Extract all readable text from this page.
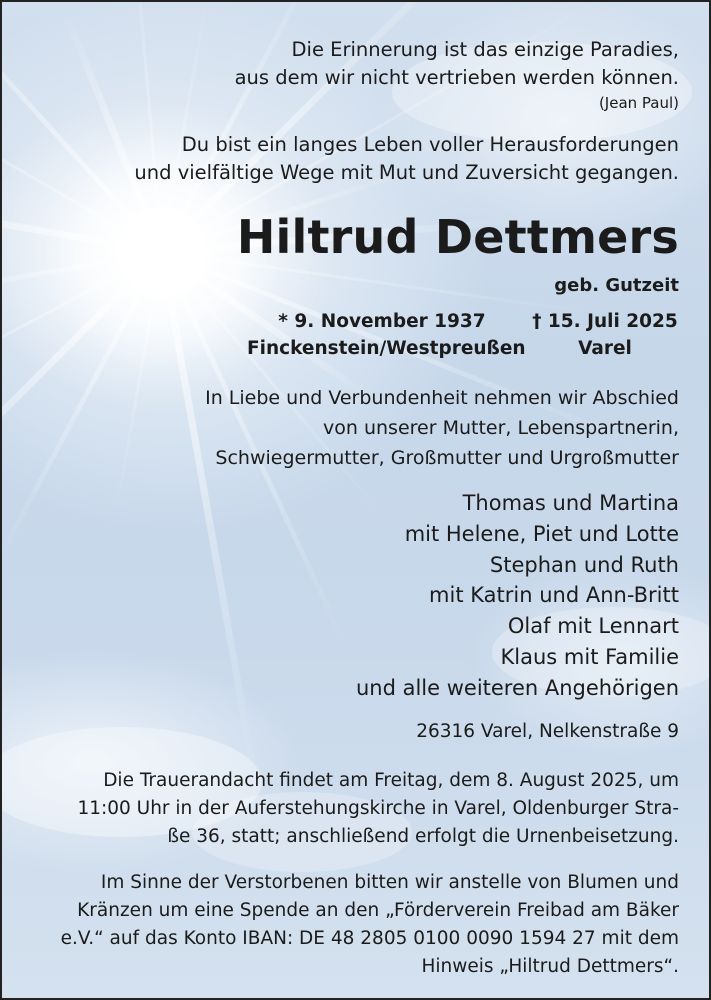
Die Erinnerung ist das einzige Paradies,
aus dem wir nicht vertrieben werden können.
(Jean Paul)
Du bist ein langes Leben voller Herausforderungen
und vielfältige Wege mit Mut und Zuversicht gegangen.
Hiltrud Dettmers
geb. Gutzeit
* 9. November 1937
Finckenstein/Westpreußen
† 15. Juli 2025
Varel
In Liebe und Verbundenheit nehmen wir Abschied
von unserer Mutter, Lebenspartnerin,
Schwiegermutter, Großmutter und Urgroßmutter
Thomas und Martina
mit Helene, Piet und Lotte
Stephan und Ruth
mit Katrin und Ann-Britt
Olaf mit Lennart
Klaus mit Familie
und alle weiteren Angehörigen
26316 Varel, Nelkenstraße 9
Die Trauerandacht findet am Freitag, dem 8. August 2025, um
11:00 Uhr in der Auferstehungskirche in Varel, Oldenburger Stra-
ße 36, statt; anschließend erfolgt die Urnenbeisetzung.
Im Sinne der Verstorbenen bitten wir anstelle von Blumen und
Kränzen um eine Spende an den „Förderverein Freibad am Bäker
e.V.“ auf das Konto IBAN: DE 48 2805 0100 0090 1594 27 mit dem
Hinweis „Hiltrud Dettmers“.
